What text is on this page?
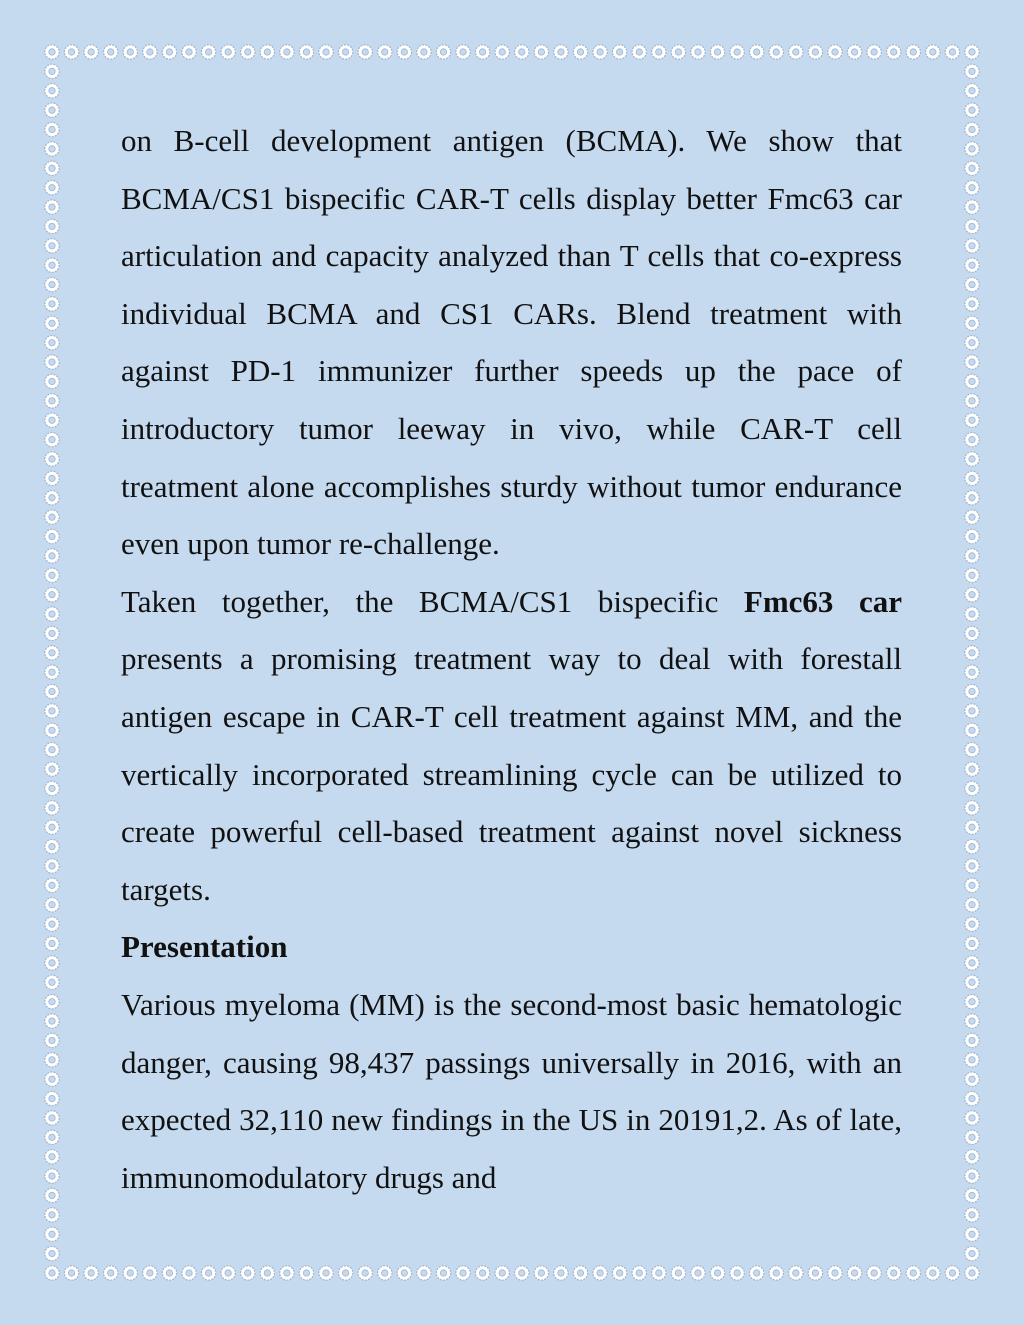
on B-cell development antigen (BCMA). We show that BCMA/CS1 bispecific CAR-T cells display better Fmc63 car articulation and capacity analyzed than T cells that co-express individual BCMA and CS1 CARs. Blend treatment with against PD-1 immunizer further speeds up the pace of introductory tumor leeway in vivo, while CAR-T cell treatment alone accomplishes sturdy without tumor endurance even upon tumor re-challenge.

Taken together, the BCMA/CS1 bispecific Fmc63 car presents a promising treatment way to deal with forestall antigen escape in CAR-T cell treatment against MM, and the vertically incorporated streamlining cycle can be utilized to create powerful cell-based treatment against novel sickness targets.

Presentation

Various myeloma (MM) is the second-most basic hematologic danger, causing 98,437 passings universally in 2016, with an expected 32,110 new findings in the US in 20191,2. As of late, immunomodulatory drugs and
